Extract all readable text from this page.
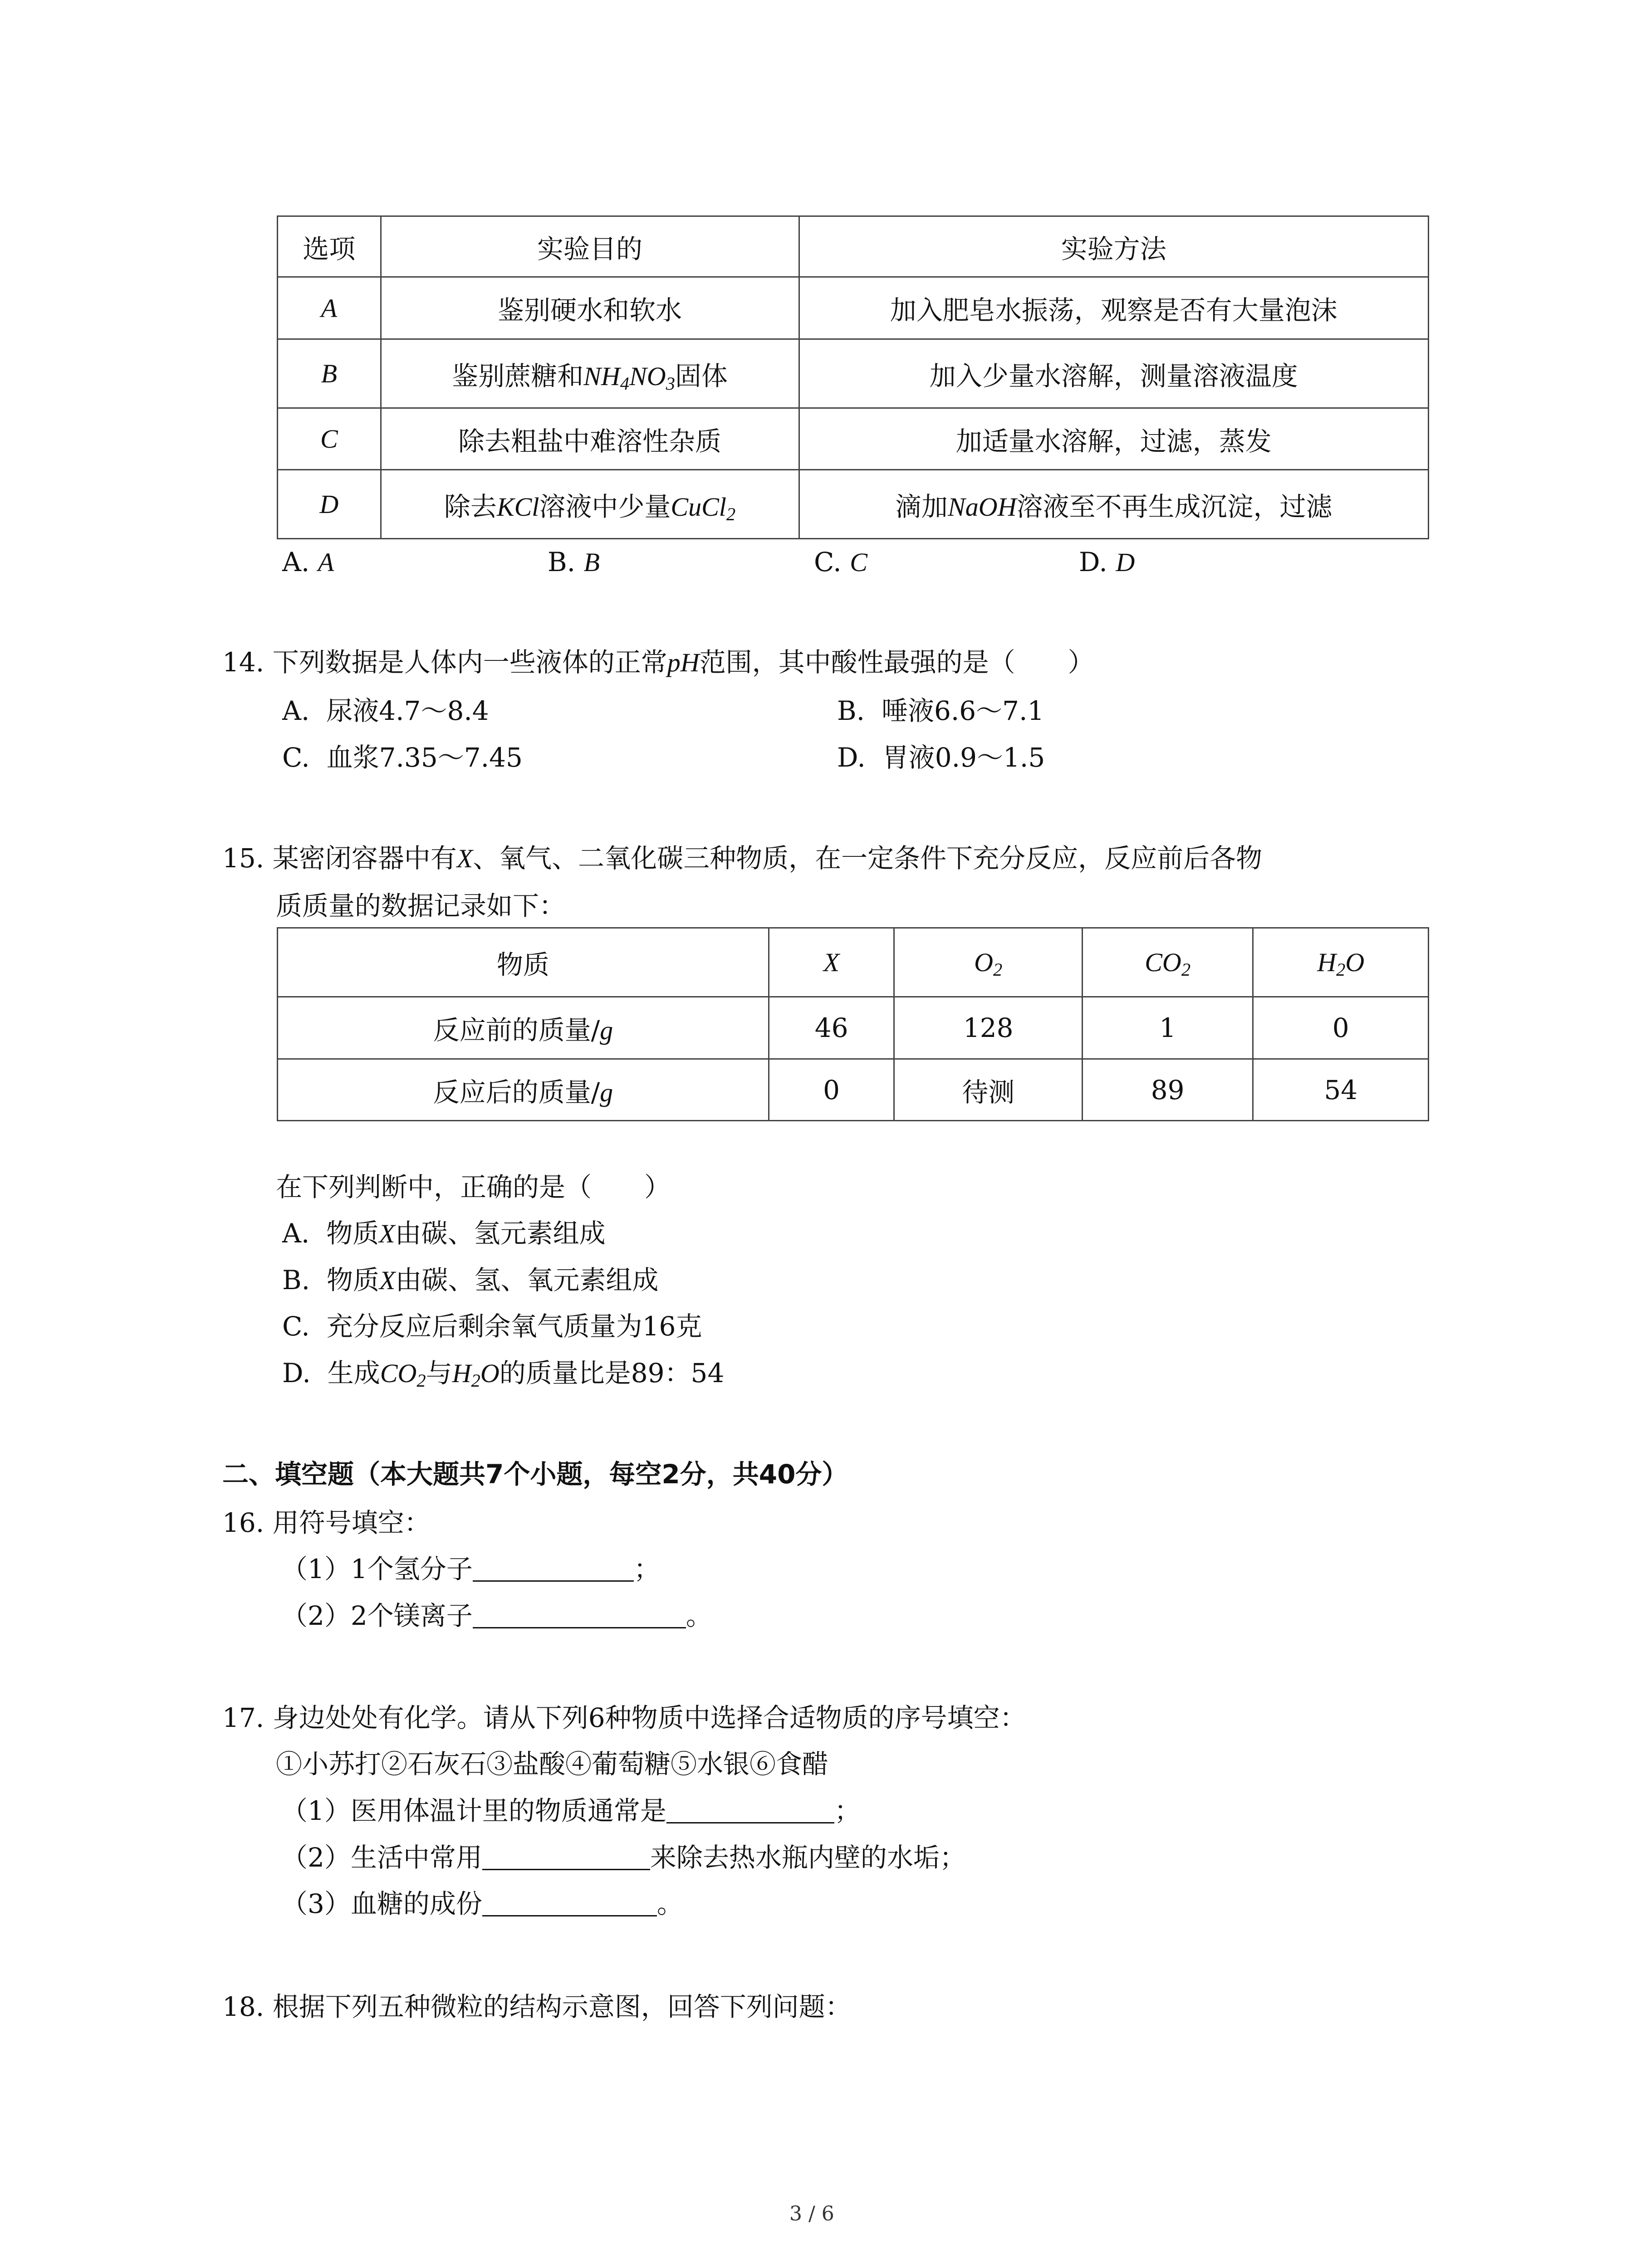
选项	实验目的	实验方法
A	鉴别硬水和软水	加入肥皂水振荡，观察是否有大量泡沫
B	鉴别蔗糖和$NH_4NO_3$固体	加入少量水溶解，测量溶液温度
C	除去粗盐中难溶性杂质	加适量水溶解，过滤，蒸发
D	除去KCl溶液中少量CuCl$_2$	滴加NaOH溶液至不再生成沉淀，过滤
A. A	B. B	C. C	D. D
14. 下列数据是人体内一些液体的正常pH范围，其中酸性最强的是（　　）
A. 尿液4.7～8.4	B. 唾液6.6～7.1
C. 血浆7.35～7.45	D. 胃液0.9～1.5
15. 某密闭容器中有X、氧气、二氧化碳三种物质，在一定条件下充分反应，反应前后各物
质质量的数据记录如下：
物质	X	$O_2$	$CO_2$	$H_2O$
反应前的质量/g	46	128	1	0
反应后的质量/g	0	待测	89	54
在下列判断中，正确的是（　　）
A. 物质X由碳、氢元素组成
B. 物质X由碳、氢、氧元素组成
C. 充分反应后剩余氧气质量为16克
D. 生成$CO_2$与$H_2O$的质量比是89：54
二、填空题（本大题共7个小题，每空2分，共40分）
16. 用符号填空：
（1）1个氢分子	；
（2）2个镁离子	。
17. 身边处处有化学。请从下列6种物质中选择合适物质的序号填空：
①小苏打②石灰石③盐酸④葡萄糖⑤水银⑥食醋
（1）医用体温计里的物质通常是	；
（2）生活中常用	来除去热水瓶内壁的水垢；
（3）血糖的成份	。
18. 根据下列五种微粒的结构示意图，回答下列问题：
3 / 6
